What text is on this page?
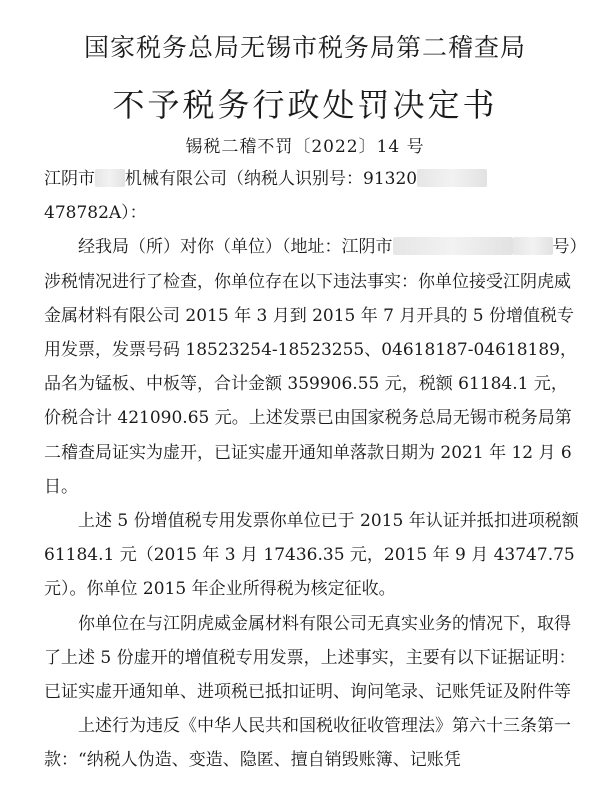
国家税务总局无锡市税务局第二稽查局
不予税务行政处罚决定书
锡税二稽不罚〔2022〕14 号

江阴市 机械有限公司（纳税人识别号：91320478782A）：

经我局（所）对你（单位）（地址：江阴市	号）涉税情况进行了检查，你单位存在以下违法事实：你单位接受江阴虎威金属材料有限公司 2015 年 3 月到 2015 年 7 月开具的 5 份增值税专用发票，发票号码 18523254-18523255、04618187-04618189，品名为锰板、中板等，合计金额 359906.55 元，税额 61184.1 元，价税合计 421090.65 元。上述发票已由国家税务总局无锡市税务局第二稽查局证实为虚开，已证实虚开通知单落款日期为 2021 年 12 月 6 日。

上述 5 份增值税专用发票你单位已于 2015 年认证并抵扣进项税额 61184.1 元（2015 年 3 月 17436.35 元，2015 年 9 月 43747.75 元）。你单位 2015 年企业所得税为核定征收。

你单位在与江阴虎威金属材料有限公司无真实业务的情况下，取得了上述 5 份虚开的增值税专用发票，上述事实，主要有以下证据证明：已证实虚开通知单、进项税已抵扣证明、询问笔录、记账凭证及附件等

上述行为违反《中华人民共和国税收征收管理法》第六十三条第一款：“纳税人伪造、变造、隐匿、擅自销毁账簿、记账凭
